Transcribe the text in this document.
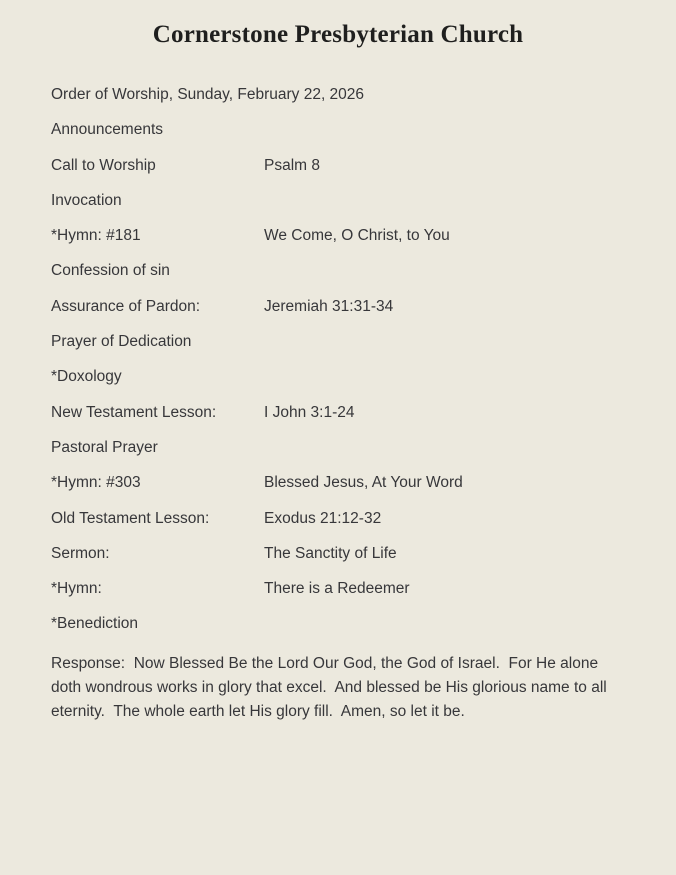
Cornerstone Presbyterian Church
Order of Worship, Sunday, February 22, 2026
Announcements
Call to Worship	Psalm 8
Invocation
*Hymn: #181	We Come, O Christ, to You
Confession of sin
Assurance of Pardon:	Jeremiah 31:31-34
Prayer of Dedication
*Doxology
New Testament Lesson:	I John 3:1-24
Pastoral Prayer
*Hymn: #303	Blessed Jesus, At Your Word
Old Testament Lesson:	Exodus 21:12-32
Sermon:	The Sanctity of Life
*Hymn:	There is a Redeemer
*Benediction

Response:  Now Blessed Be the Lord Our God, the God of Israel.  For He alone doth wondrous works in glory that excel.  And blessed be His glorious name to all eternity.  The whole earth let His glory fill.  Amen, so let it be.
